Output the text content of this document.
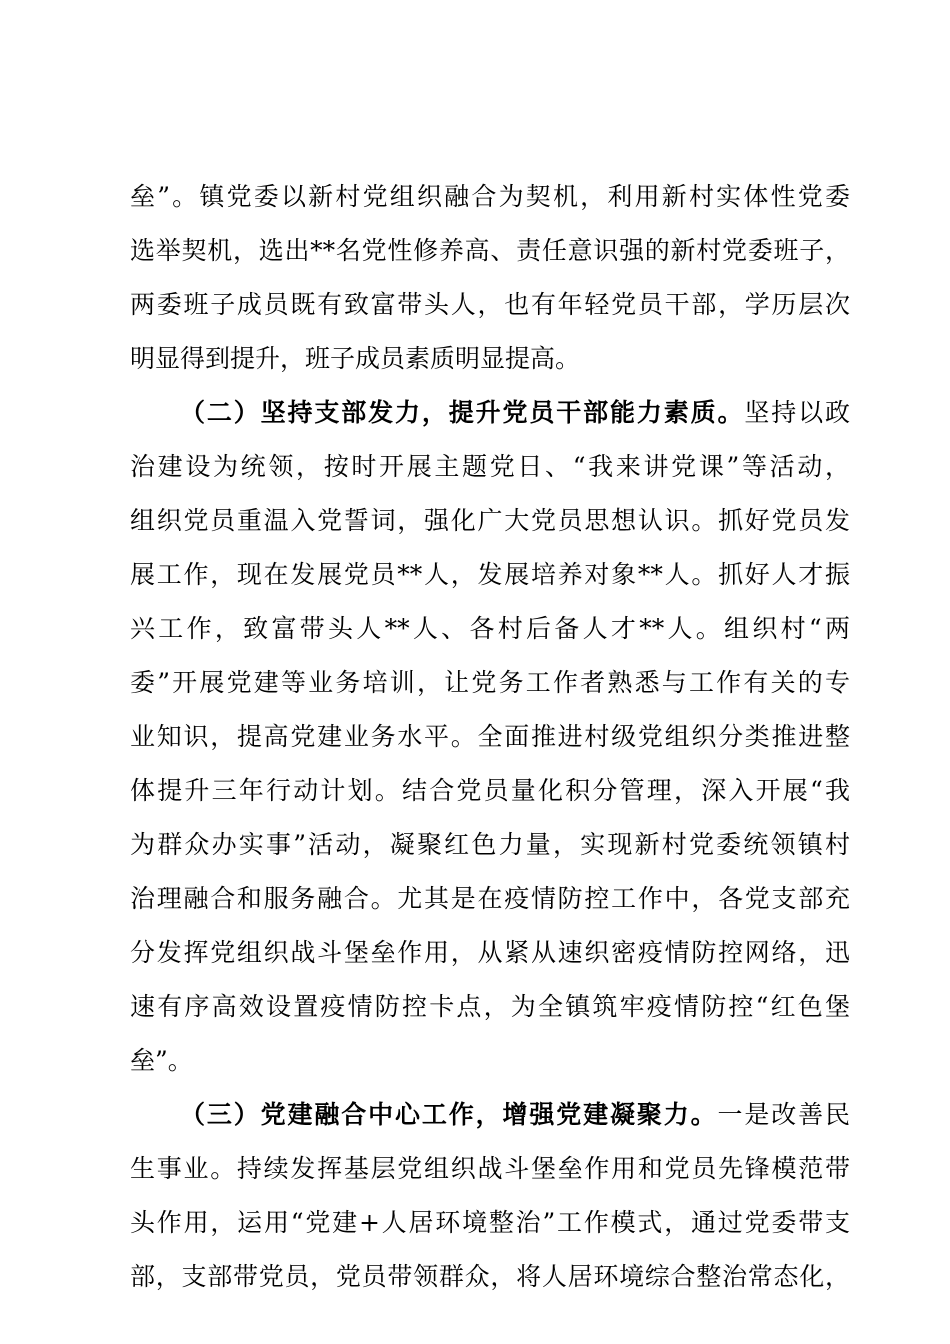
垒”。镇党委以新村党组织融合为契机，利用新村实体性党委
选举契机，选出**名党性修养高、责任意识强的新村党委班子，
两委班子成员既有致富带头人，也有年轻党员干部，学历层次
明显得到提升，班子成员素质明显提高。
（二）坚持支部发力，提升党员干部能力素质。坚持以政
治建设为统领，按时开展主题党日、“我来讲党课”等活动，
组织党员重温入党誓词，强化广大党员思想认识。抓好党员发
展工作，现在发展党员**人，发展培养对象**人。抓好人才振
兴工作，致富带头人**人、各村后备人才**人。组织村“两
委”开展党建等业务培训，让党务工作者熟悉与工作有关的专
业知识，提高党建业务水平。全面推进村级党组织分类推进整
体提升三年行动计划。结合党员量化积分管理，深入开展“我
为群众办实事”活动，凝聚红色力量，实现新村党委统领镇村
治理融合和服务融合。尤其是在疫情防控工作中，各党支部充
分发挥党组织战斗堡垒作用，从紧从速织密疫情防控网络，迅
速有序高效设置疫情防控卡点，为全镇筑牢疫情防控“红色堡
垒”。
（三）党建融合中心工作，增强党建凝聚力。一是改善民
生事业。持续发挥基层党组织战斗堡垒作用和党员先锋模范带
头作用，运用“党建+人居环境整治”工作模式，通过党委带支
部，支部带党员，党员带领群众，将人居环境综合整治常态化，
